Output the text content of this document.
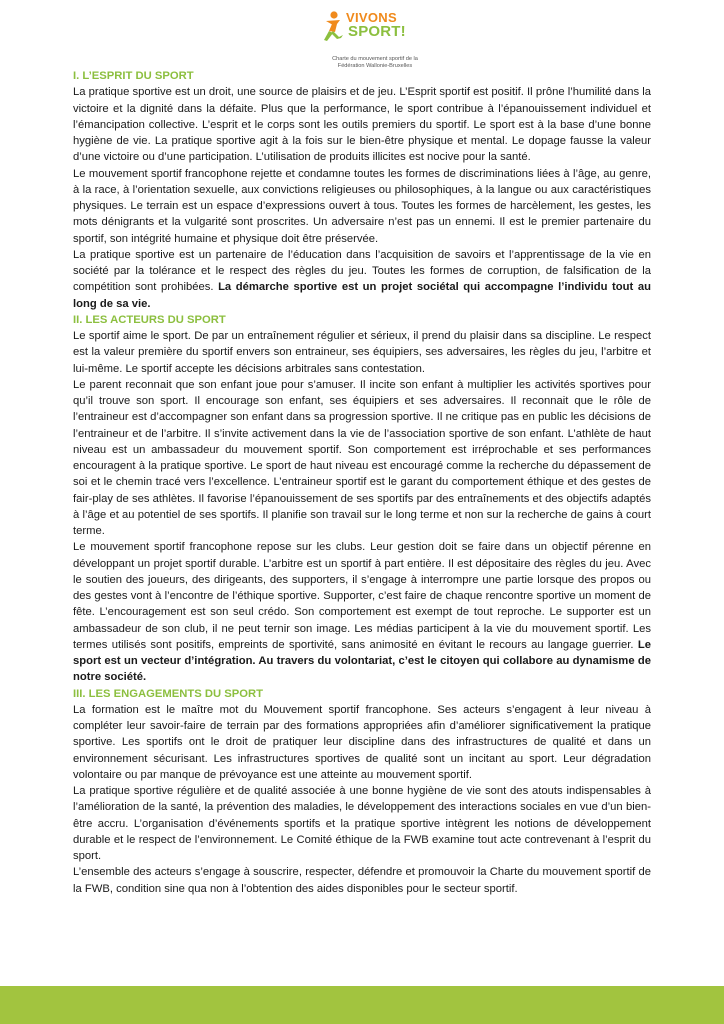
VIVONS
SPORT!
Charte du mouvement sportif de la
Fédération Wallonie-Bruxelles
I. L’ESPRIT DU SPORT

La pratique sportive est un droit, une source de plaisirs et de jeu. L’Esprit sportif est positif. Il prône l’humilité dans la victoire et la dignité dans la défaite. Plus que la performance, le sport contribue à l’épanouissement individuel et l’émancipation collective. L’esprit et le corps sont les outils premiers du sportif. Le sport est à la base d’une bonne hygiène de vie. La pratique sportive agit à la fois sur le bien-être physique et mental. Le dopage fausse la valeur d’une victoire ou d’une participation. L’utilisation de produits illicites est nocive pour la santé.

Le mouvement sportif francophone rejette et condamne toutes les formes de discriminations liées à l’âge, au genre, à la race, à l’orientation sexuelle, aux convictions religieuses ou philosophiques, à la langue ou aux caractéristiques physiques. Le terrain est un espace d’expressions ouvert à tous. Toutes les formes de harcèlement, les gestes, les mots dénigrants et la vulgarité sont proscrites. Un adversaire n’est pas un ennemi. Il est le premier partenaire du sportif, son intégrité humaine et physique doit être préservée.

La pratique sportive est un partenaire de l’éducation dans l’acquisition de savoirs et l’apprentissage de la vie en société par la tolérance et le respect des règles du jeu. Toutes les formes de corruption, de falsification de la compétition sont prohibées. La démarche sportive est un projet sociétal qui accompagne l’individu tout au long de sa vie.

II. LES ACTEURS DU SPORT

Le sportif aime le sport. De par un entraînement régulier et sérieux, il prend du plaisir dans sa discipline. Le respect est la valeur première du sportif envers son entraineur, ses équipiers, ses adversaires, les règles du jeu, l’arbitre et lui-même. Le sportif accepte les décisions arbitrales sans contestation.

Le parent reconnait que son enfant joue pour s’amuser. Il incite son enfant à multiplier les activités sportives pour qu’il trouve son sport. Il encourage son enfant, ses équipiers et ses adversaires. Il reconnait que le rôle de l’entraineur est d’accompagner son enfant dans sa progression sportive. Il ne critique pas en public les décisions de l’entraineur et de l’arbitre. Il s’invite activement dans la vie de l’association sportive de son enfant. L’athlète de haut niveau est un ambassadeur du mouvement sportif. Son comportement est irréprochable et ses performances encouragent à la pratique sportive. Le sport de haut niveau est encouragé comme la recherche du dépassement de soi et le chemin tracé vers l’excellence. L’entraineur sportif est le garant du comportement éthique et des gestes de fair-play de ses athlètes. Il favorise l’épanouissement de ses sportifs par des entraînements et des objectifs adaptés à l’âge et au potentiel de ses sportifs. Il planifie son travail sur le long terme et non sur la recherche de gains à court terme.

Le mouvement sportif francophone repose sur les clubs. Leur gestion doit se faire dans un objectif pérenne en développant un projet sportif durable. L’arbitre est un sportif à part entière. Il est dépositaire des règles du jeu. Avec le soutien des joueurs, des dirigeants, des supporters, il s’engage à interrompre une partie lorsque des propos ou des gestes vont à l’encontre de l’éthique sportive. Supporter, c’est faire de chaque rencontre sportive un moment de fête. L’encouragement est son seul crédo. Son comportement est exempt de tout reproche. Le supporter est un ambassadeur de son club, il ne peut ternir son image. Les médias participent à la vie du mouvement sportif. Les termes utilisés sont positifs, empreints de sportivité, sans animosité en évitant le recours au langage guerrier. Le sport est un vecteur d’intégration. Au travers du volontariat, c’est le citoyen qui collabore au dynamisme de notre société.

III. LES ENGAGEMENTS DU SPORT

La formation est le maître mot du Mouvement sportif francophone. Ses acteurs s’engagent à leur niveau à compléter leur savoir-faire de terrain par des formations appropriées afin d’améliorer significativement la pratique sportive. Les sportifs ont le droit de pratiquer leur discipline dans des infrastructures de qualité et dans un environnement sécurisant. Les infrastructures sportives de qualité sont un incitant au sport. Leur dégradation volontaire ou par manque de prévoyance est une atteinte au mouvement sportif.

La pratique sportive régulière et de qualité associée à une bonne hygiène de vie sont des atouts indispensables à l’amélioration de la santé, la prévention des maladies, le développement des interactions sociales en vue d’un bien-être accru. L’organisation d’événements sportifs et la pratique sportive intègrent les notions de développement durable et le respect de l’environnement. Le Comité éthique de la FWB examine tout acte contrevenant à l’esprit du sport.

L’ensemble des acteurs s’engage à souscrire, respecter, défendre et promouvoir la Charte du mouvement sportif de la FWB, condition sine qua non à l’obtention des aides disponibles pour le secteur sportif.
